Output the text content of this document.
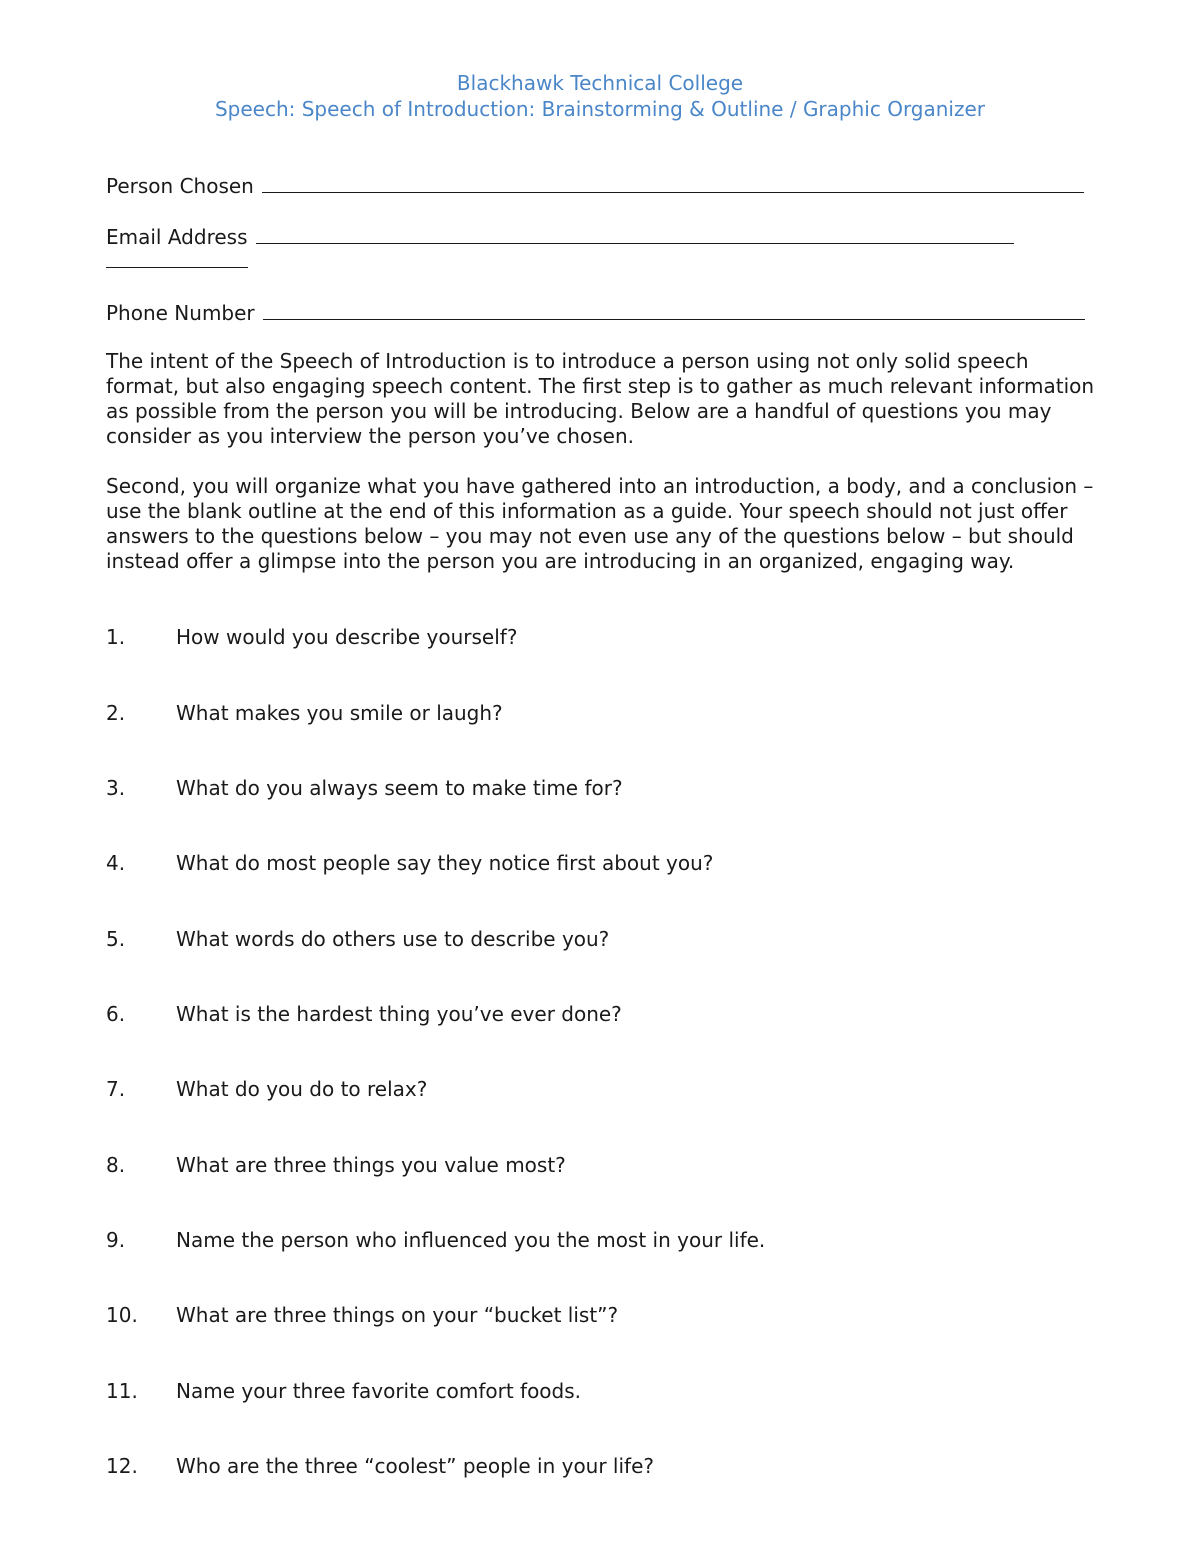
Blackhawk Technical College
Speech: Speech of Introduction: Brainstorming & Outline / Graphic Organizer
Person Chosen
Email Address
Phone Number

The intent of the Speech of Introduction is to introduce a person using not only solid speech format, but also engaging speech content. The first step is to gather as much relevant information as possible from the person you will be introducing. Below are a handful of questions you may consider as you interview the person you’ve chosen.

Second, you will organize what you have gathered into an introduction, a body, and a conclusion – use the blank outline at the end of this information as a guide. Your speech should not just offer answers to the questions below – you may not even use any of the questions below – but should instead offer a glimpse into the person you are introducing in an organized, engaging way.

1.	How would you describe yourself?
2.	What makes you smile or laugh?
3.	What do you always seem to make time for?
4.	What do most people say they notice first about you?
5.	What words do others use to describe you?
6.	What is the hardest thing you’ve ever done?
7.	What do you do to relax?
8.	What are three things you value most?
9.	Name the person who influenced you the most in your life.
10. What are three things on your “bucket list”?
11. Name your three favorite comfort foods.
12. Who are the three “coolest” people in your life?
